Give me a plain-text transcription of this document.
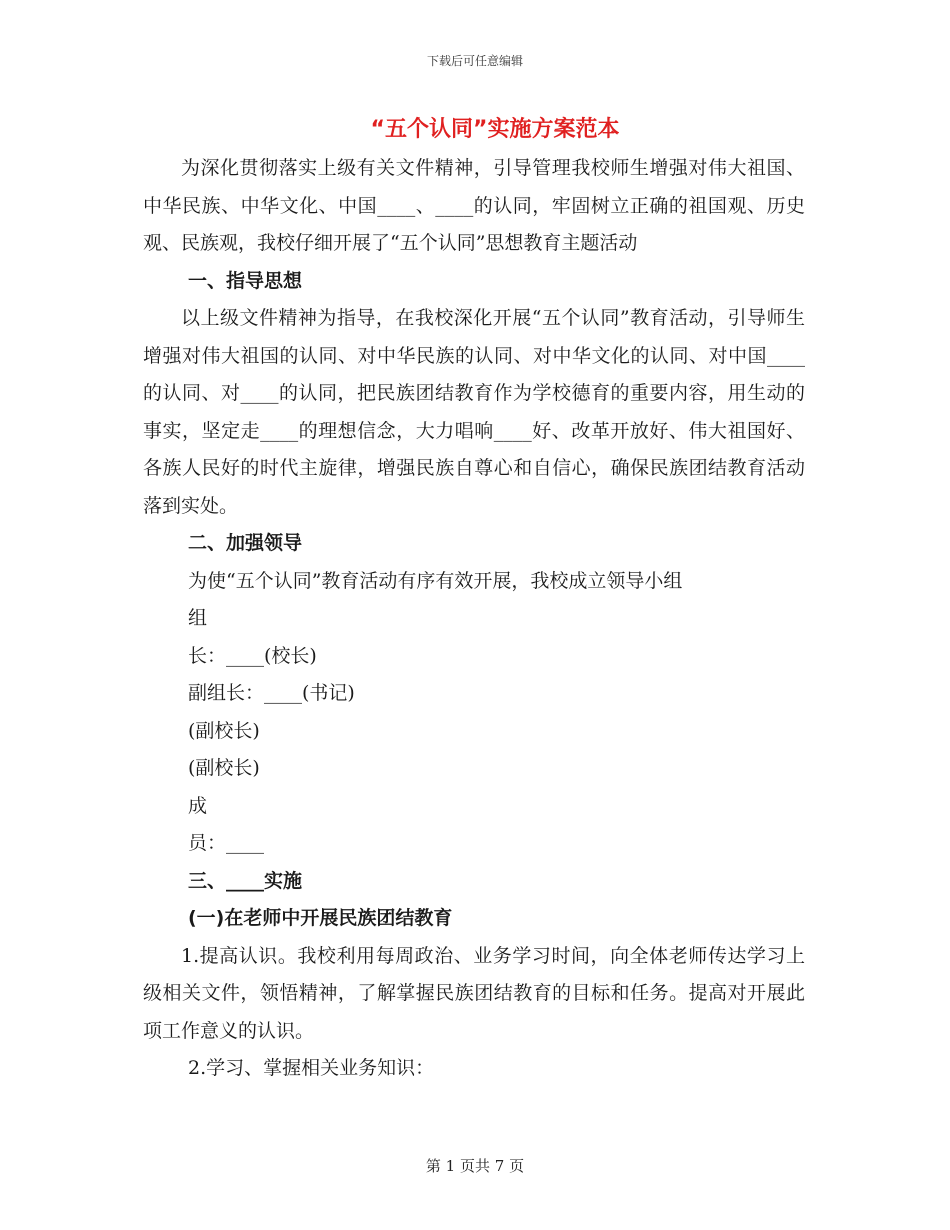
下载后可任意编辑
“五个认同”实施方案范本

为深化贯彻落实上级有关文件精神，引导管理我校师生增强对伟大祖国、中华民族、中华文化、中国____、____的认同，牢固树立正确的祖国观、历史观、民族观，我校仔细开展了“五个认同”思想教育主题活动

一、指导思想

以上级文件精神为指导，在我校深化开展“五个认同”教育活动，引导师生增强对伟大祖国的认同、对中华民族的认同、对中华文化的认同、对中国____的认同、对____的认同，把民族团结教育作为学校德育的重要内容，用生动的事实，坚定走____的理想信念，大力唱响____好、改革开放好、伟大祖国好、各族人民好的时代主旋律，增强民族自尊心和自信心，确保民族团结教育活动落到实处。

二、加强领导

为使“五个认同”教育活动有序有效开展，我校成立领导小组

组

长：____(校长)

副组长：____(书记)

(副校长)

(副校长)

成

员：____

三、____实施

(一)在老师中开展民族团结教育

1.提高认识。我校利用每周政治、业务学习时间，向全体老师传达学习上级相关文件，领悟精神，了解掌握民族团结教育的目标和任务。提高对开展此项工作意义的认识。

2.学习、掌握相关业务知识：

第 1 页共 7 页
